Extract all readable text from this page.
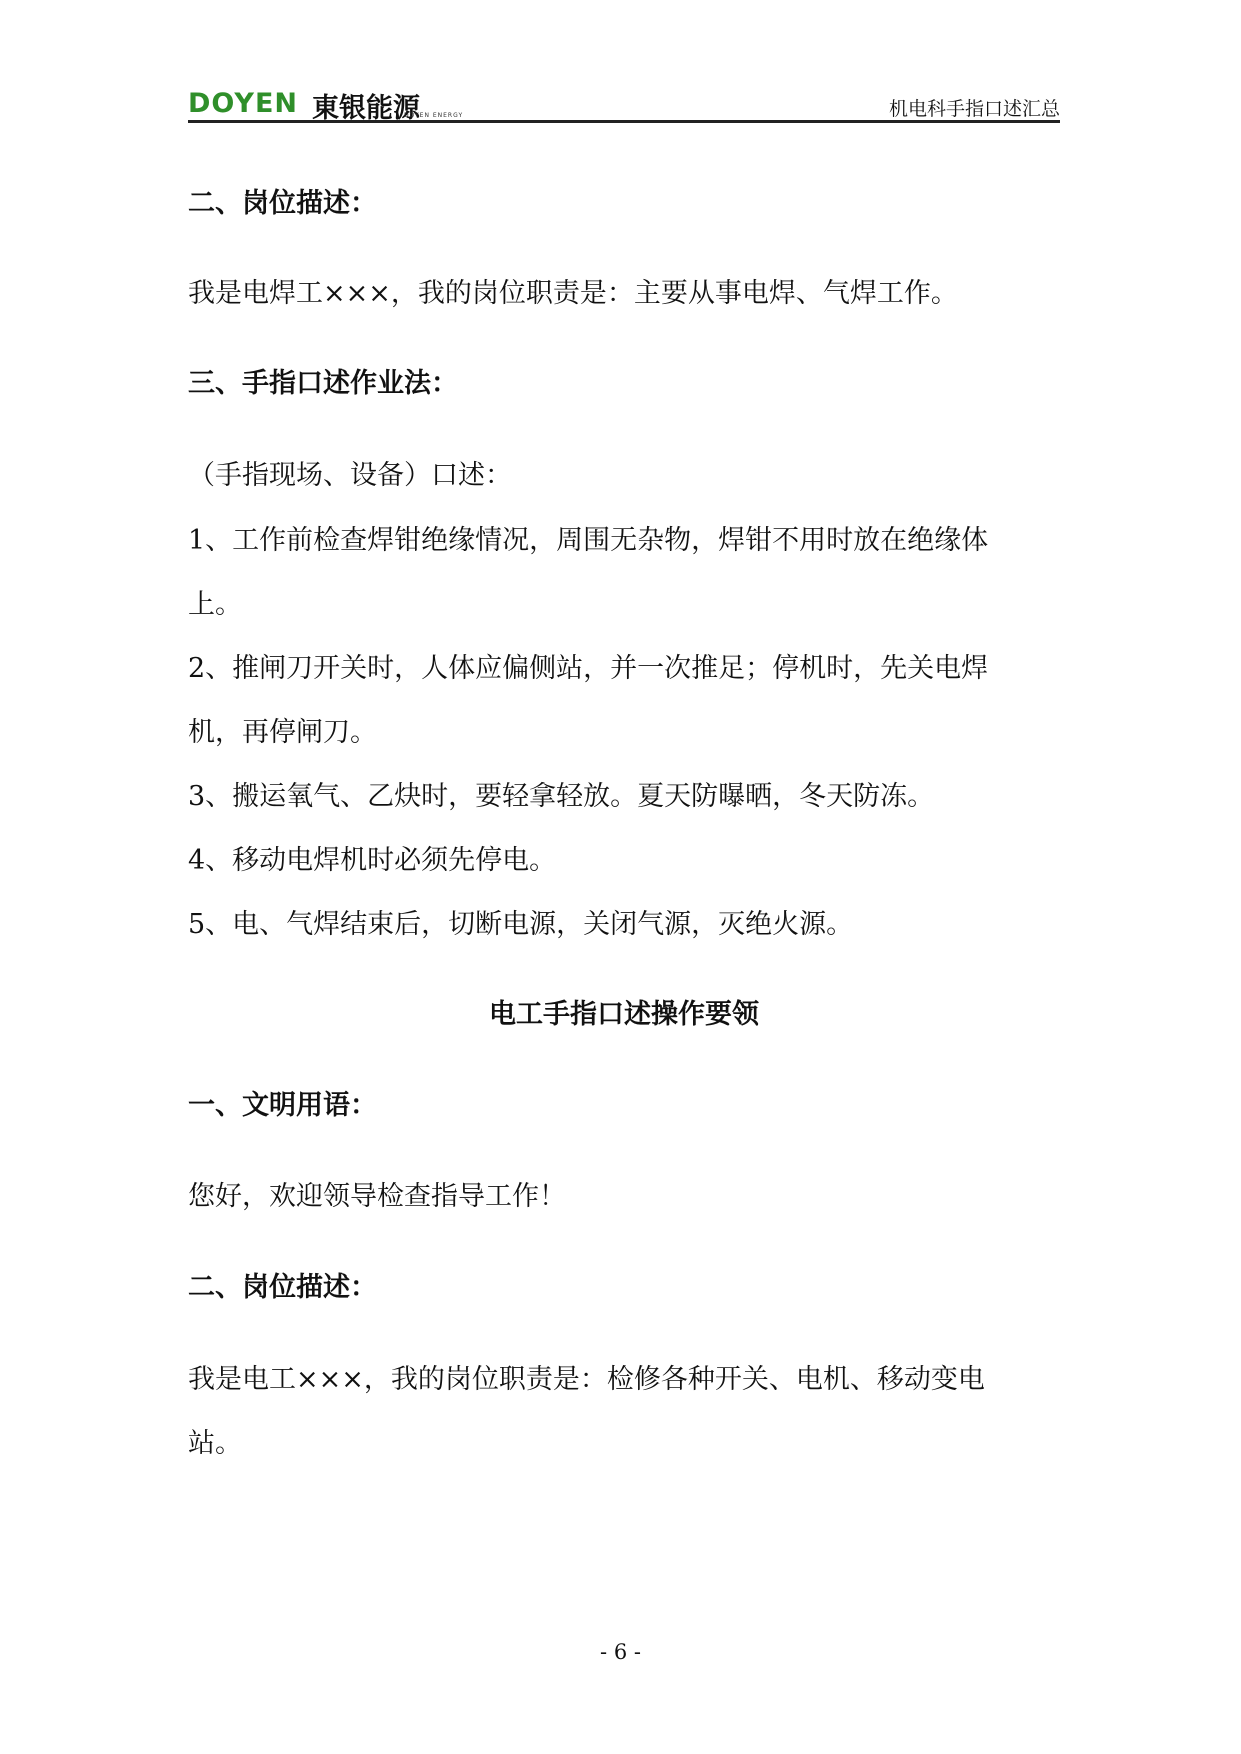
DOYEN 東银能源
DOYEN ENERGY	机电科手指口述汇总
二、岗位描述：
我是电焊工×××，我的岗位职责是：主要从事电焊、气焊工作。
三、手指口述作业法：
（手指现场、设备）口述：
1、工作前检查焊钳绝缘情况，周围无杂物，焊钳不用时放在绝缘体
上。
2、推闸刀开关时，人体应偏侧站，并一次推足；停机时，先关电焊
机，再停闸刀。
3、搬运氧气、乙炔时，要轻拿轻放。夏天防曝晒，冬天防冻。
4、移动电焊机时必须先停电。
5、电、气焊结束后，切断电源，关闭气源，灭绝火源。
电工手指口述操作要领
一、文明用语：
您好，欢迎领导检查指导工作！
二、岗位描述：
我是电工×××，我的岗位职责是：检修各种开关、电机、移动变电
站。
- 6 -
